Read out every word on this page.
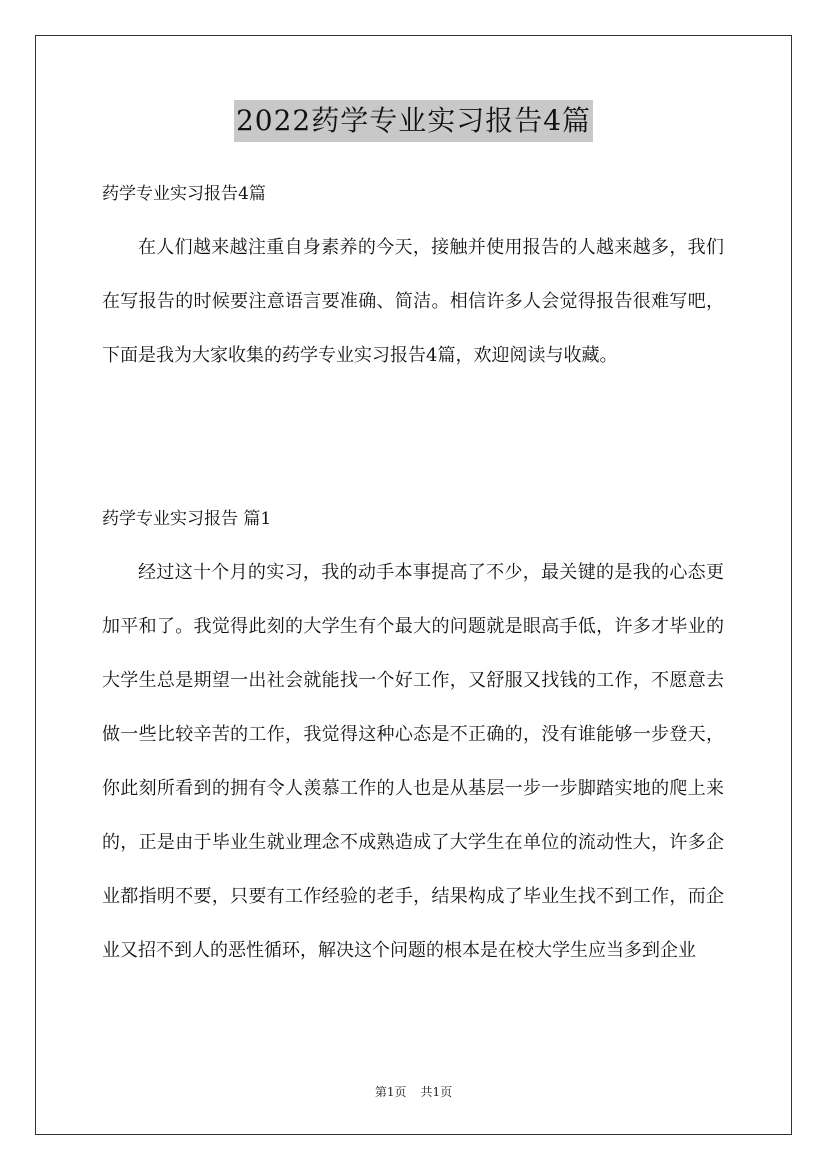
2022药学专业实习报告4篇

药学专业实习报告4篇

在人们越来越注重自身素养的今天，接触并使用报告的人越来越多，我们在写报告的时候要注意语言要准确、简洁。相信许多人会觉得报告很难写吧，下面是我为大家收集的药学专业实习报告4篇，欢迎阅读与收藏。

药学专业实习报告 篇1

经过这十个月的实习，我的动手本事提高了不少，最关键的是我的心态更加平和了。我觉得此刻的大学生有个最大的问题就是眼高手低，许多才毕业的大学生总是期望一出社会就能找一个好工作，又舒服又找钱的工作，不愿意去做一些比较辛苦的工作，我觉得这种心态是不正确的，没有谁能够一步登天，你此刻所看到的拥有令人羡慕工作的人也是从基层一步一步脚踏实地的爬上来的，正是由于毕业生就业理念不成熟造成了大学生在单位的流动性大，许多企业都指明不要，只要有工作经验的老手，结果构成了毕业生找不到工作，而企业又招不到人的恶性循环，解决这个问题的根本是在校大学生应当多到企业

第1页 共1页
